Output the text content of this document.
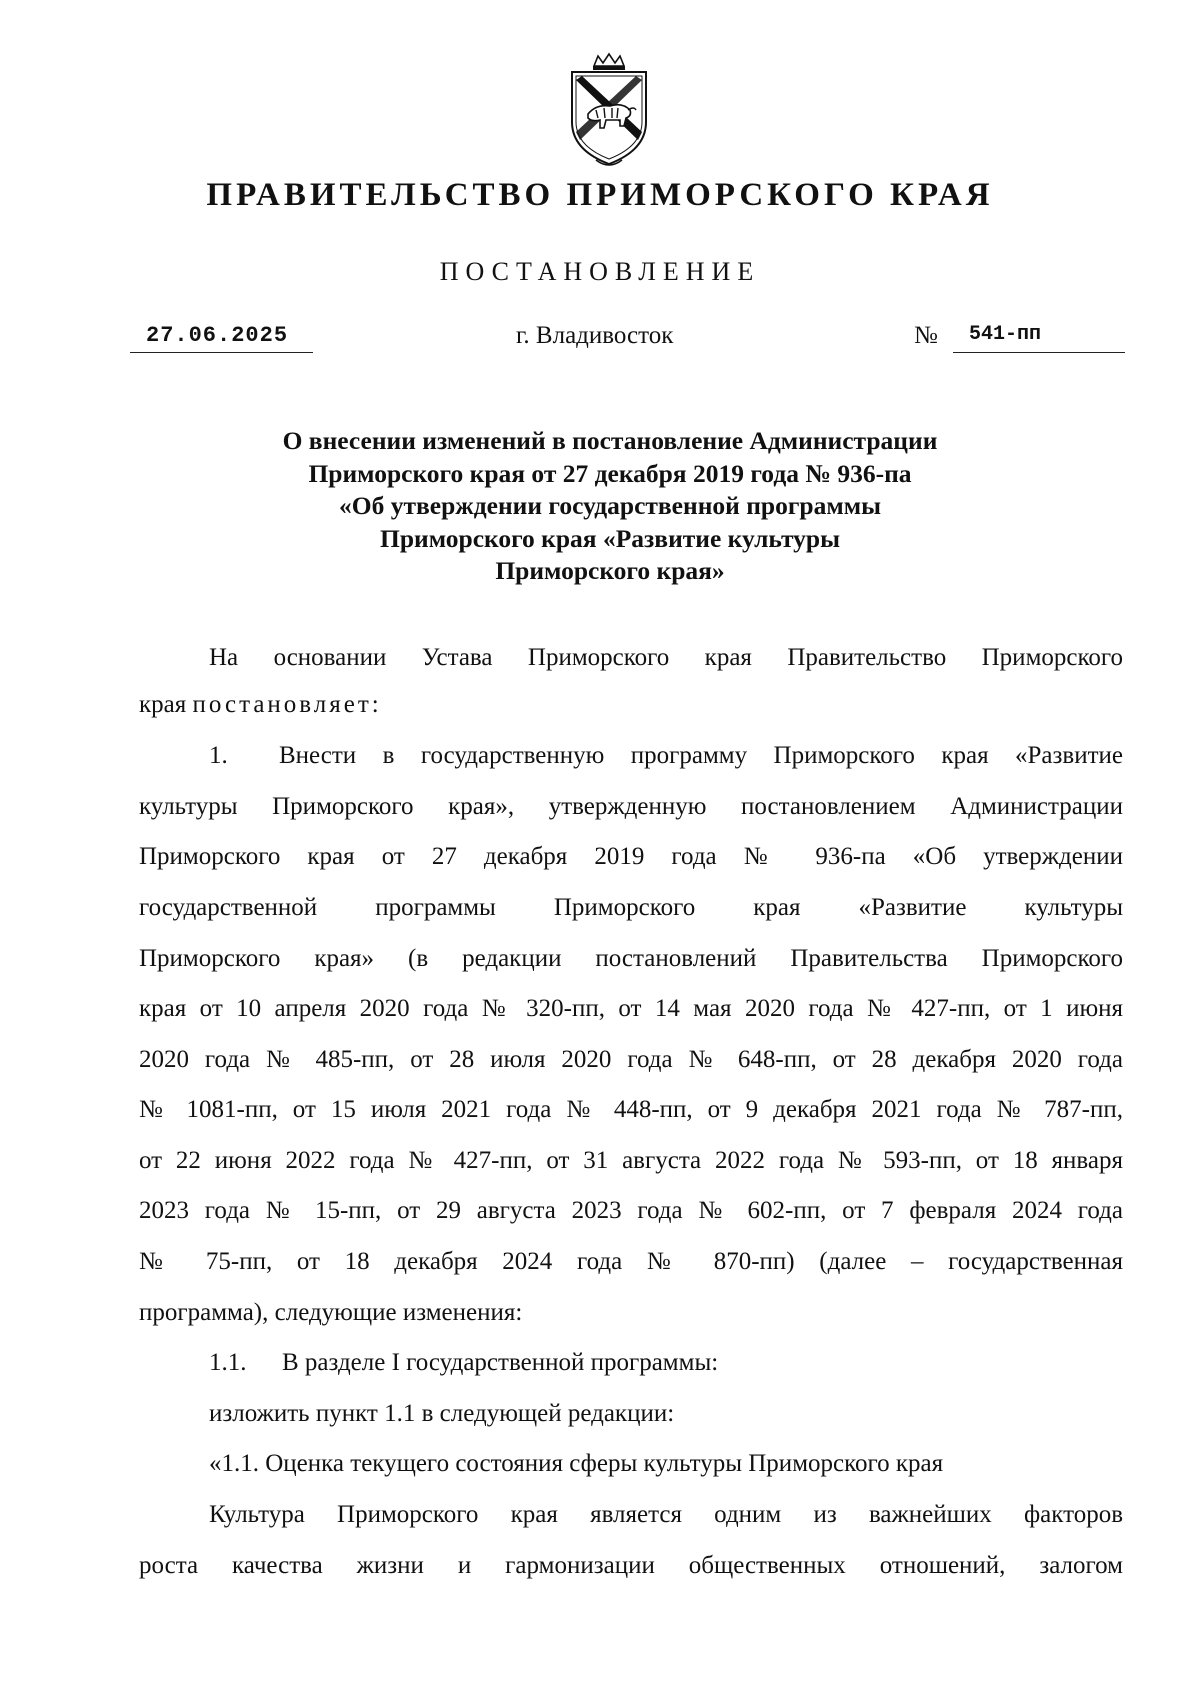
ПРАВИТЕЛЬСТВО ПРИМОРСКОГО КРАЯ
ПОСТАНОВЛЕНИЕ
27.06.2025	г. Владивосток	№ 541-пп
О внесении изменений в постановление Администрации
Приморского края от 27 декабря 2019 года № 936-па
«Об утверждении государственной программы
Приморского края «Развитие культуры
Приморского края»
На основании Устава Приморского края Правительство Приморского
края постановляет:
1. Внести в государственную программу Приморского края «Развитие
культуры Приморского края», утвержденную постановлением Администрации
Приморского края от 27 декабря 2019 года № 936-па «Об утверждении
государственной программы Приморского края «Развитие культуры
Приморского края» (в редакции постановлений Правительства Приморского
края от 10 апреля 2020 года № 320-пп, от 14 мая 2020 года № 427-пп, от 1 июня
2020 года № 485-пп, от 28 июля 2020 года № 648-пп, от 28 декабря 2020 года
№ 1081-пп, от 15 июля 2021 года № 448-пп, от 9 декабря 2021 года № 787-пп,
от 22 июня 2022 года № 427-пп, от 31 августа 2022 года № 593-пп, от 18 января
2023 года № 15-пп, от 29 августа 2023 года № 602-пп, от 7 февраля 2024 года
№ 75-пп, от 18 декабря 2024 года № 870-пп) (далее – государственная
программа), следующие изменения:
1.1. В разделе I государственной программы:
изложить пункт 1.1 в следующей редакции:
«1.1. Оценка текущего состояния сферы культуры Приморского края
Культура Приморского края является одним из важнейших факторов
роста качества жизни и гармонизации общественных отношений, залогом
